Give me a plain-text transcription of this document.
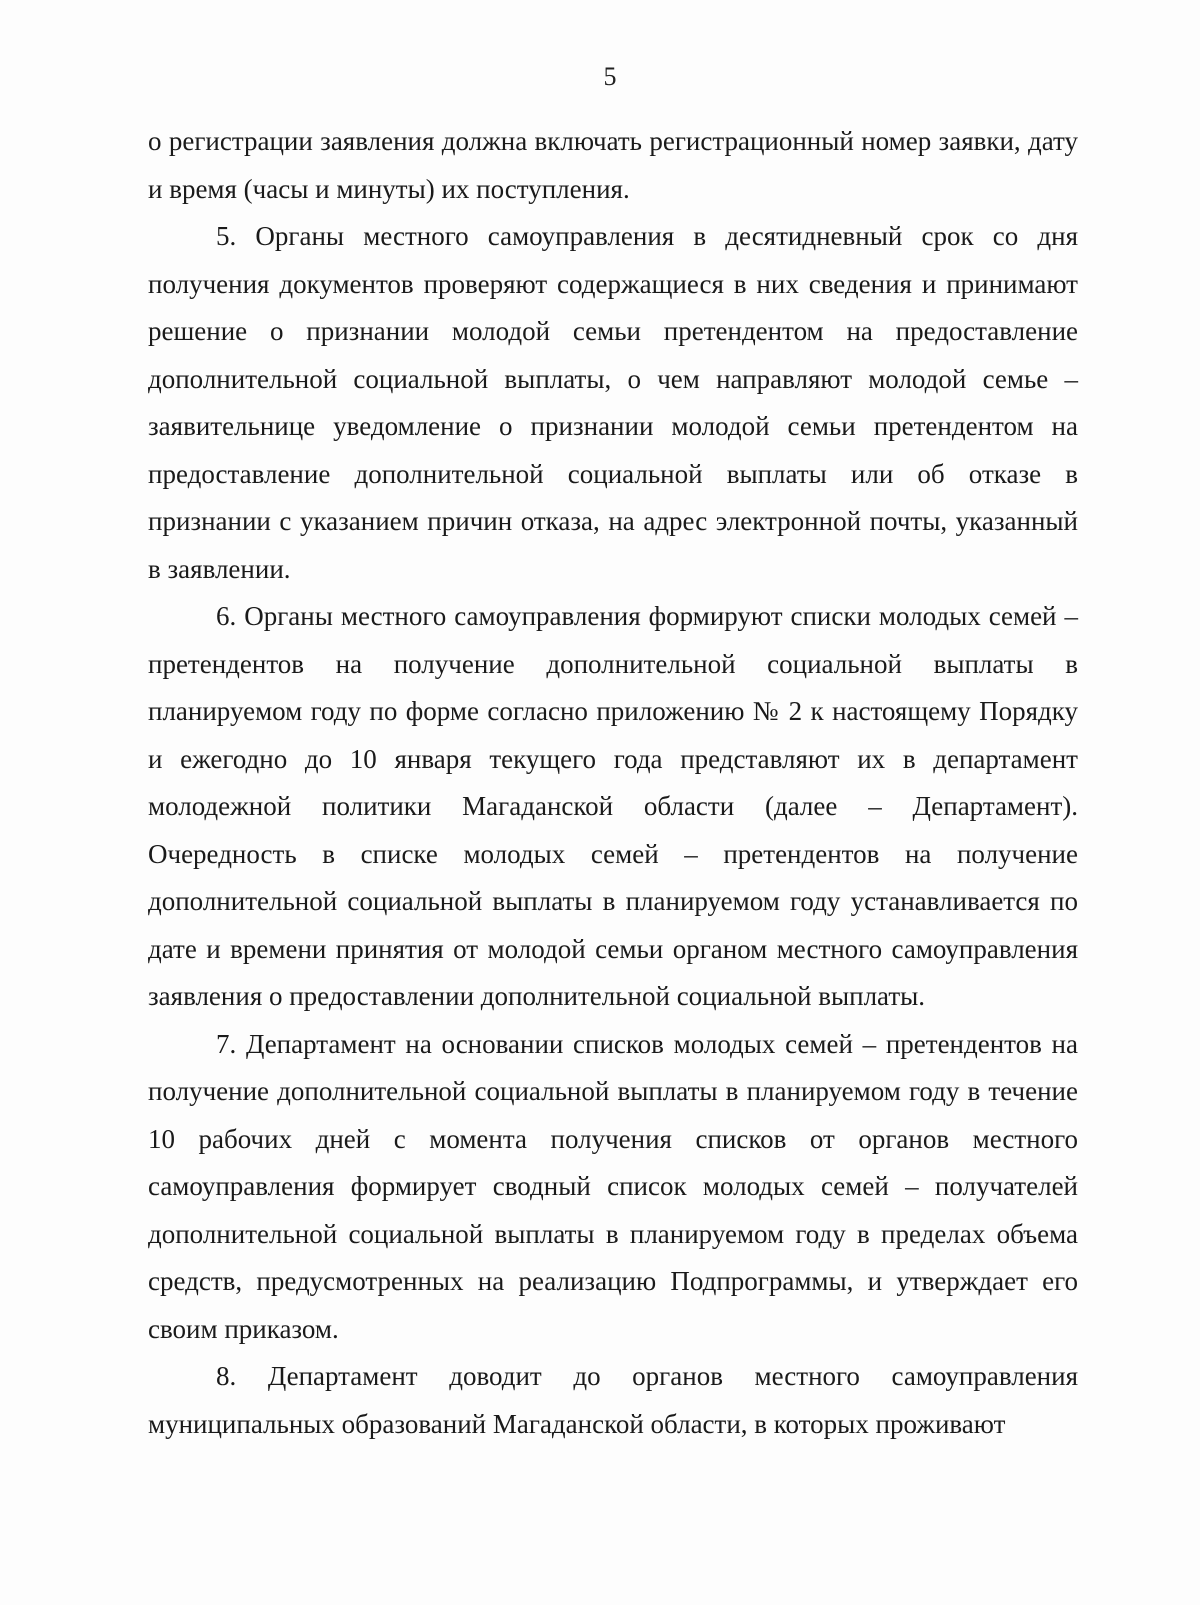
5

о регистрации заявления должна включать регистрационный номер заявки, дату и время (часы и минуты) их поступления.

5. Органы местного самоуправления в десятидневный срок со дня получения документов проверяют содержащиеся в них сведения и принимают решение о признании молодой семьи претендентом на предоставление дополнительной социальной выплаты, о чем направляют молодой семье – заявительнице уведомление о признании молодой семьи претендентом на предоставление дополнительной социальной выплаты или об отказе в признании с указанием причин отказа, на адрес электронной почты, указанный в заявлении.

6. Органы местного самоуправления формируют списки молодых семей – претендентов на получение дополнительной социальной выплаты в планируемом году по форме согласно приложению № 2 к настоящему Порядку и ежегодно до 10 января текущего года представляют их в департамент молодежной политики Магаданской области (далее – Департамент). Очередность в списке молодых семей – претендентов на получение дополнительной социальной выплаты в планируемом году устанавливается по дате и времени принятия от молодой семьи органом местного самоуправления заявления о предоставлении дополнительной социальной выплаты.

7. Департамент на основании списков молодых семей – претендентов на получение дополнительной социальной выплаты в планируемом году в течение 10 рабочих дней с момента получения списков от органов местного самоуправления формирует сводный список молодых семей – получателей дополнительной социальной выплаты в планируемом году в пределах объема средств, предусмотренных на реализацию Подпрограммы, и утверждает его своим приказом.

8. Департамент доводит до органов местного самоуправления муниципальных образований Магаданской области, в которых проживают
